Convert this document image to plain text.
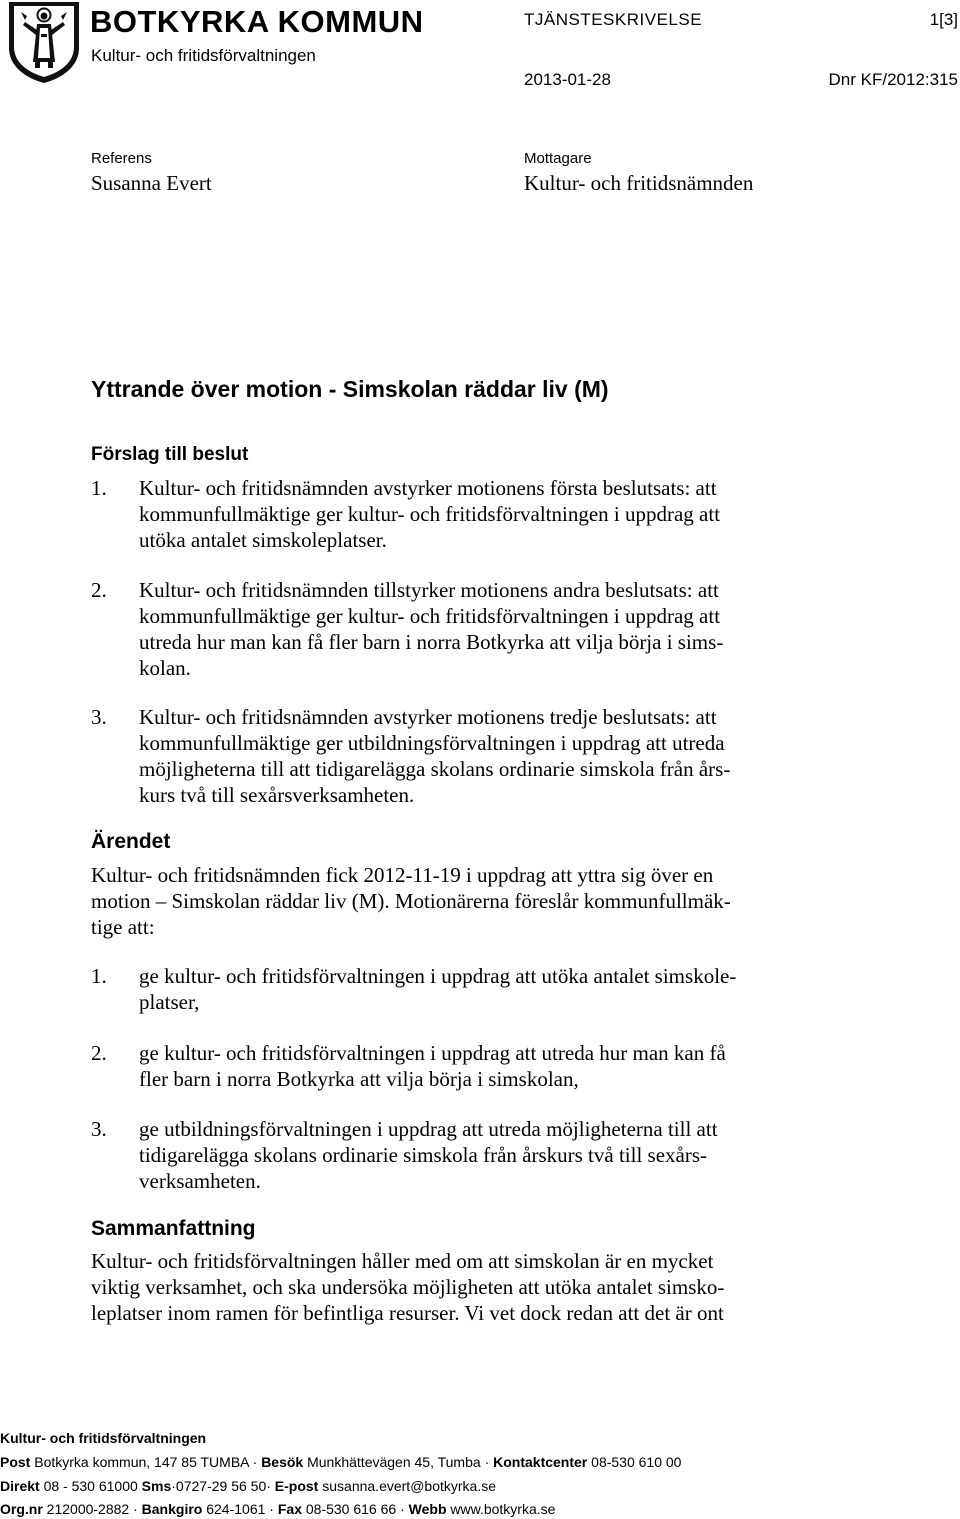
BOTKYRKA KOMMUN
Kultur- och fritidsförvaltningen
TJÄNSTESKRIVELSE	1[3]
2013-01-28	Dnr KF/2012:315
Referens
Susanna Evert
Mottagare
Kultur- och fritidsnämnden
Yttrande över motion - Simskolan räddar liv (M)
Förslag till beslut
1. Kultur- och fritidsnämnden avstyrker motionens första beslutsats: att
kommunfullmäktige ger kultur- och fritidsförvaltningen i uppdrag att
utöka antalet simskoleplatser.
2. Kultur- och fritidsnämnden tillstyrker motionens andra beslutsats: att
kommunfullmäktige ger kultur- och fritidsförvaltningen i uppdrag att
utreda hur man kan få fler barn i norra Botkyrka att vilja börja i sims-
kolan.
3. Kultur- och fritidsnämnden avstyrker motionens tredje beslutsats: att
kommunfullmäktige ger utbildningsförvaltningen i uppdrag att utreda
möjligheterna till att tidigarelägga skolans ordinarie simskola från års-
kurs två till sexårsverksamheten.
Ärendet
Kultur- och fritidsnämnden fick 2012-11-19 i uppdrag att yttra sig över en
motion – Simskolan räddar liv (M). Motionärerna föreslår kommunfullmäk-
tige att:
1. ge kultur- och fritidsförvaltningen i uppdrag att utöka antalet simskole-
platser,
2. ge kultur- och fritidsförvaltningen i uppdrag att utreda hur man kan få
fler barn i norra Botkyrka att vilja börja i simskolan,
3. ge utbildningsförvaltningen i uppdrag att utreda möjligheterna till att
tidigarelägga skolans ordinarie simskola från årskurs två till sexårs-
verksamheten.
Sammanfattning
Kultur- och fritidsförvaltningen håller med om att simskolan är en mycket
viktig verksamhet, och ska undersöka möjligheten att utöka antalet simsko-
leplatser inom ramen för befintliga resurser. Vi vet dock redan att det är ont
Kultur- och fritidsförvaltningen
Post Botkyrka kommun, 147 85 TUMBA · Besök Munkhättevägen 45, Tumba · Kontaktcenter 08-530 610 00
Direkt 08 - 530 61000 Sms·0727-29 56 50· E-post susanna.evert@botkyrka.se
Org.nr 212000-2882 · Bankgiro 624-1061 · Fax 08-530 616 66 · Webb www.botkyrka.se
